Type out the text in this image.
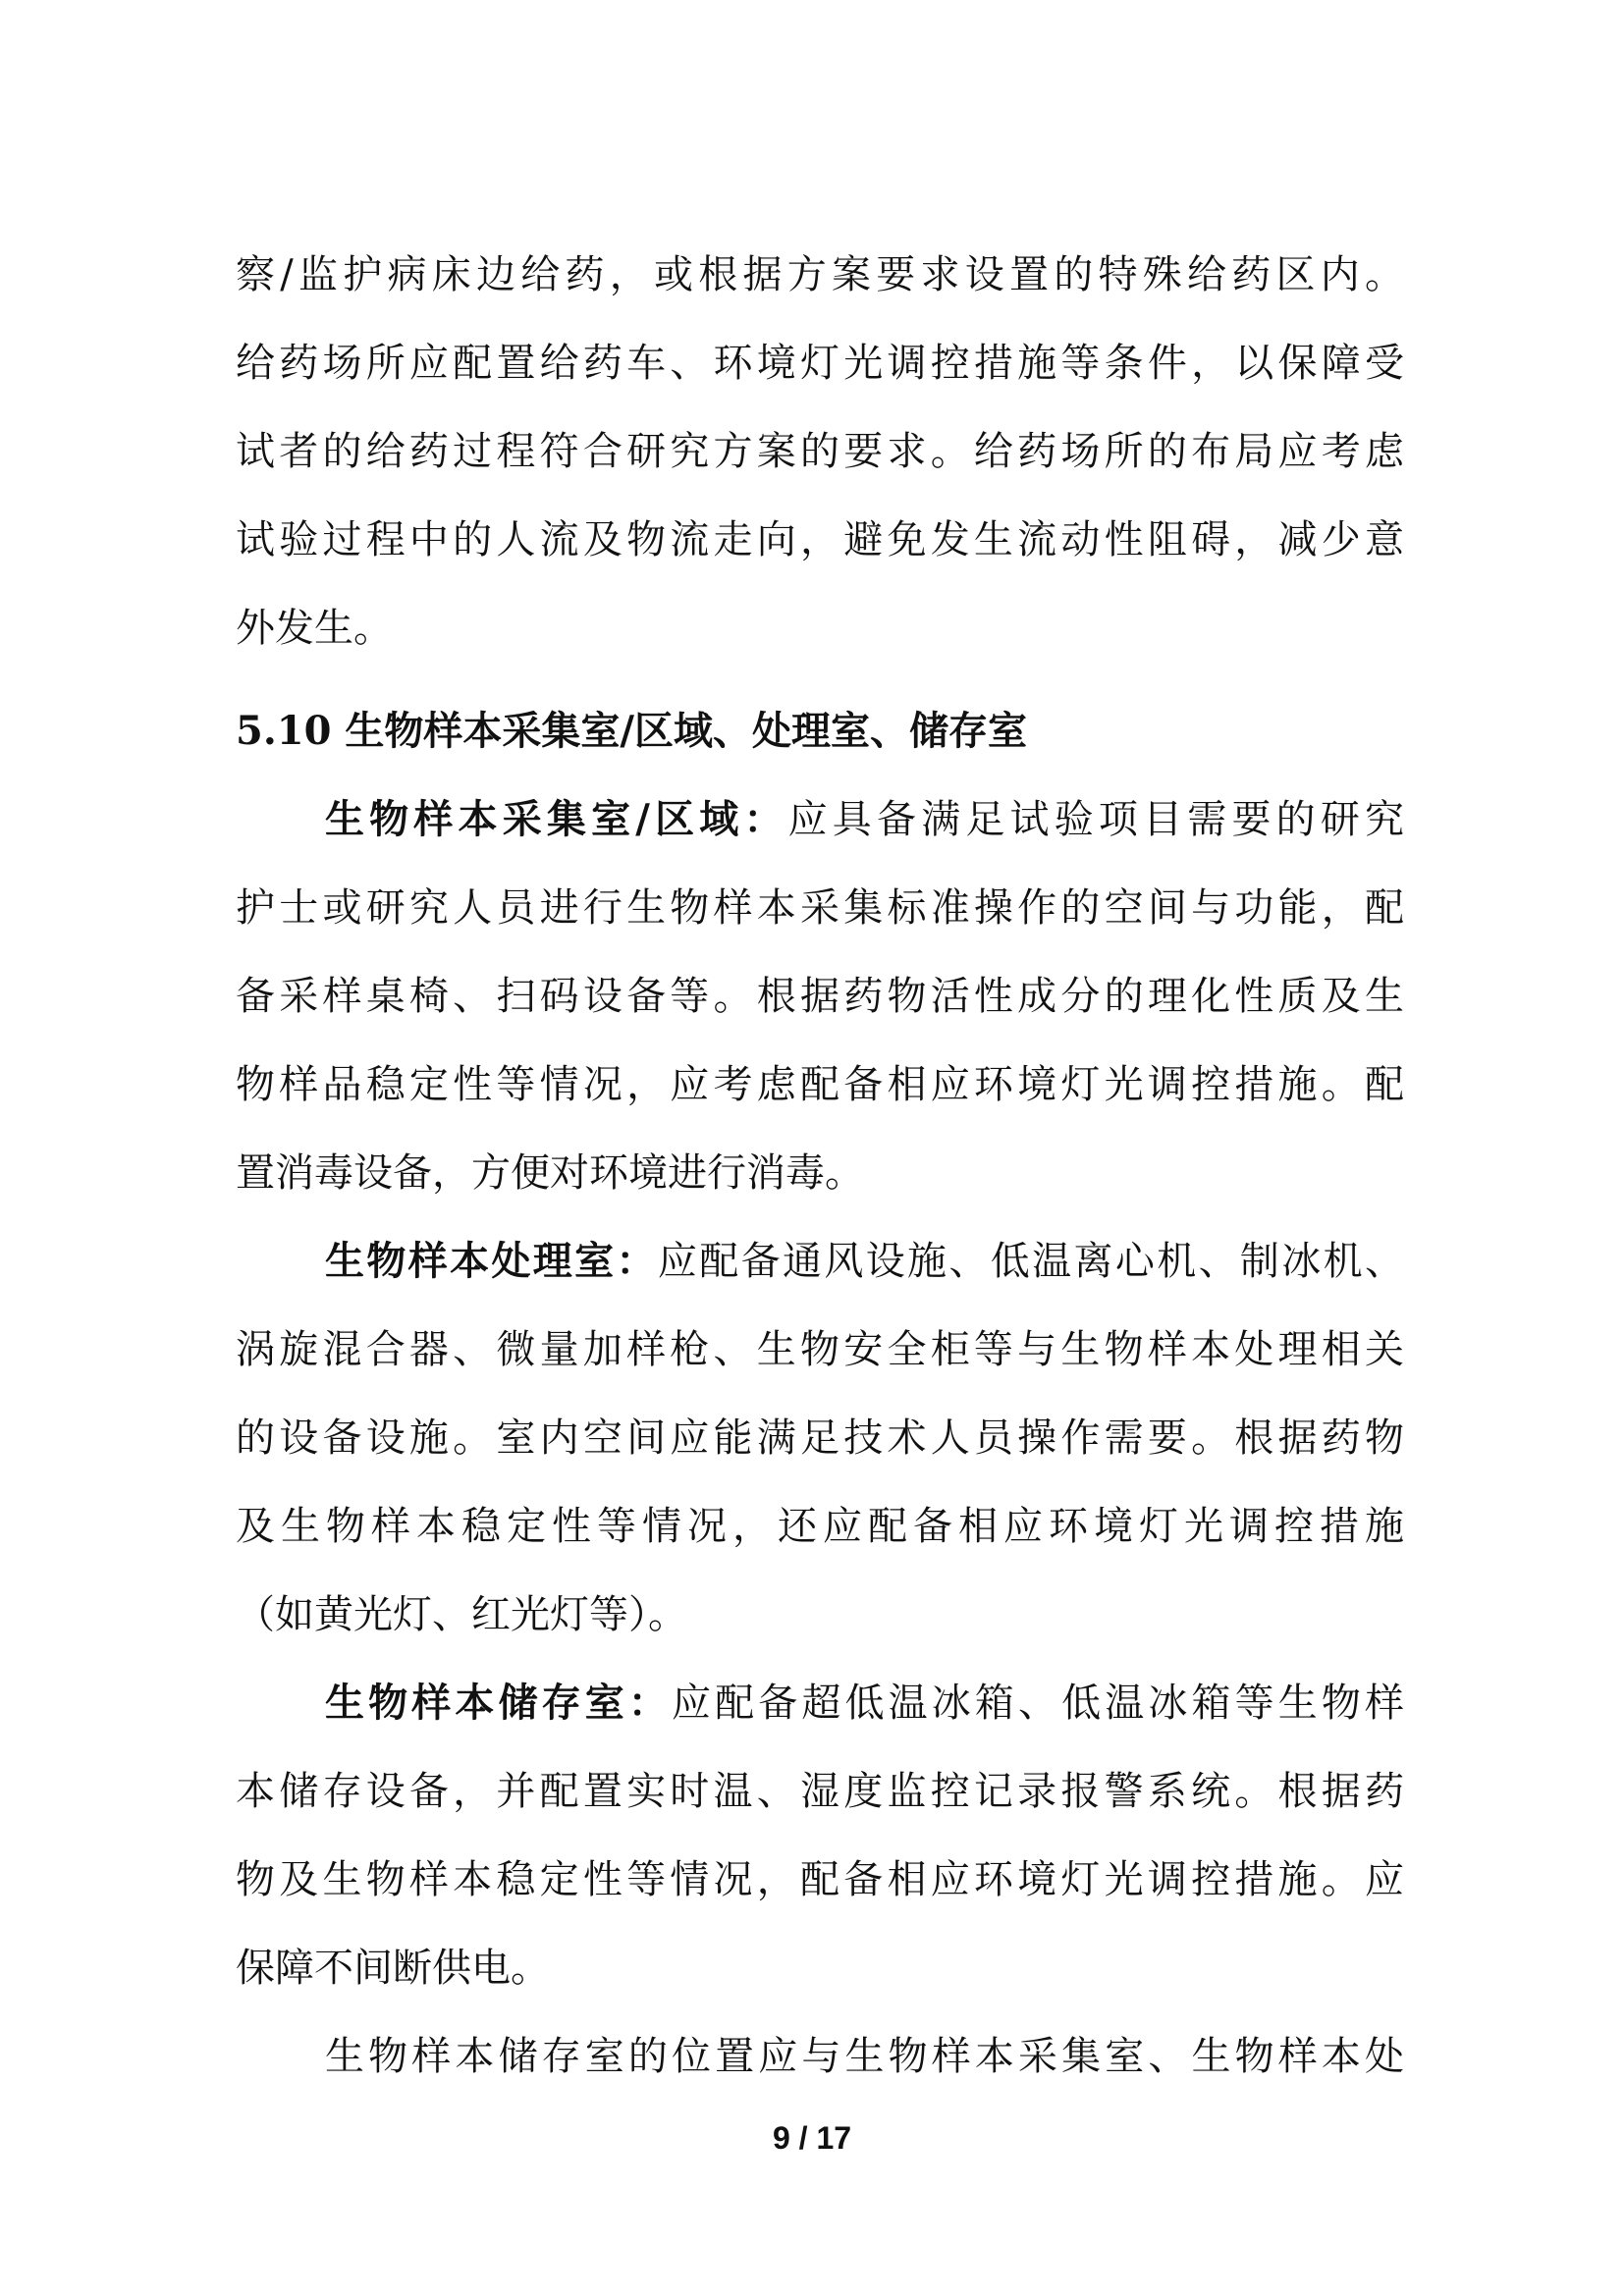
察/监护病床边给药，或根据方案要求设置的特殊给药区内。
给药场所应配置给药车、环境灯光调控措施等条件，以保障受
试者的给药过程符合研究方案的要求。给药场所的布局应考虑
试验过程中的人流及物流走向，避免发生流动性阻碍，减少意
外发生。
5.10 生物样本采集室/区域、处理室、储存室
生物样本采集室/区域：应具备满足试验项目需要的研究
护士或研究人员进行生物样本采集标准操作的空间与功能，配
备采样桌椅、扫码设备等。根据药物活性成分的理化性质及生
物样品稳定性等情况，应考虑配备相应环境灯光调控措施。配
置消毒设备，方便对环境进行消毒。
生物样本处理室：应配备通风设施、低温离心机、制冰机、
涡旋混合器、微量加样枪、生物安全柜等与生物样本处理相关
的设备设施。室内空间应能满足技术人员操作需要。根据药物
及生物样本稳定性等情况，还应配备相应环境灯光调控措施
（如黄光灯、红光灯等）。
生物样本储存室：应配备超低温冰箱、低温冰箱等生物样
本储存设备，并配置实时温、湿度监控记录报警系统。根据药
物及生物样本稳定性等情况，配备相应环境灯光调控措施。应
保障不间断供电。
生物样本储存室的位置应与生物样本采集室、生物样本处
9 / 17
